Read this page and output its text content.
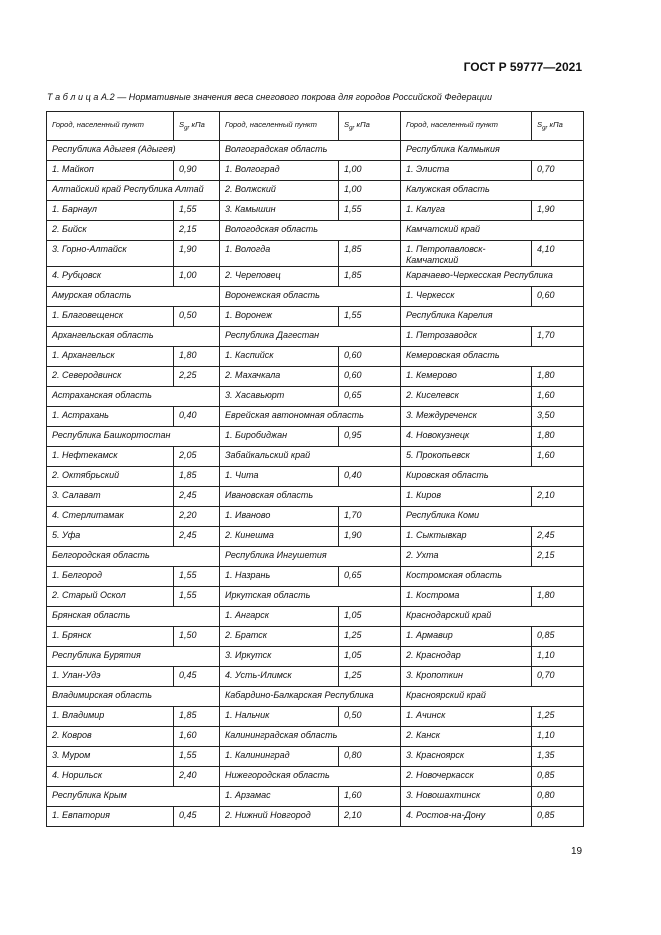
ГОСТ Р 59777—2021
Т а б л и ц а А.2 — Нормативные значения веса снегового покрова для городов Российской Федерации
Город, населенный пункт	$S_{gr}$ кПа	Город, населенный пункт	$S_{gr}$ кПа	Город, населенный пункт	$S_{gr}$ кПа
Республика Адыгея (Адыгея)		Волгоградская область		Республика Калмыкия	
1. Майкоп	0,90	1. Волгоград	1,00	1. Элиста	0,70
Алтайский край Республика Алтай		2. Волжский	1,00	Калужская область	
1. Барнаул	1,55	3. Камышин	1,55	1. Калуга	1,90
2. Бийск	2,15	Вологодская область		Камчатский край	
3. Горно-Алтайск	1,90	1. Вологда	1,85	1. Петропавловск-Камчатский	4,10
4. Рубцовск	1,00	2. Череповец	1,85	Карачаево-Черкесская Республика	
Амурская область		Воронежская область		1. Черкесск	0,60
1. Благовещенск	0,50	1. Воронеж	1,55	Республика Карелия	
Архангельская область		Республика Дагестан		1. Петрозаводск	1,70
1. Архангельск	1,80	1. Каспийск	0,60	Кемеровская область	
2. Северодвинск	2,25	2. Махачкала	0,60	1. Кемерово	1,80
Астраханская область		3. Хасавьюрт	0,65	2. Киселевск	1,60
1. Астрахань	0,40	Еврейская автономная область		3. Междуреченск	3,50
Республика Башкортостан		1. Биробиджан	0,95	4. Новокузнецк	1,80
1. Нефтекамск	2,05	Забайкальский край		5. Прокопьевск	1,60
2. Октябрьский	1,85	1. Чита	0,40	Кировская область	
3. Салават	2,45	Ивановская область		1. Киров	2,10
4. Стерлитамак	2,20	1. Иваново	1,70	Республика Коми	
5. Уфа	2,45	2. Кинешма	1,90	1. Сыктывкар	2,45
Белгородская область		Республика Ингушетия		2. Ухта	2,15
1. Белгород	1,55	1. Назрань	0,65	Костромская область	
2. Старый Оскол	1,55	Иркутская область		1. Кострома	1,80
Брянская область		1. Ангарск	1,05	Краснодарский край	
1. Брянск	1,50	2. Братск	1,25	1. Армавир	0,85
Республика Бурятия		3. Иркутск	1,05	2. Краснодар	1,10
1. Улан-Удэ	0,45	4. Усть-Илимск	1,25	3. Кропоткин	0,70
Владимирская область		Кабардино-Балкарская Республика		Красноярский край	
1. Владимир	1,85	1. Нальчик	0,50	1. Ачинск	1,25
2. Ковров	1,60	Калининградская область		2. Канск	1,10
3. Муром	1,55	1. Калининград	0,80	3. Красноярск	1,35
4. Норильск	2,40	Нижегородская область		2. Новочеркасск	0,85
Республика Крым		1. Арзамас	1,60	3. Новошахтинск	0,80
1. Евпатория	0,45	2. Нижний Новгород	2,10	4. Ростов-на-Дону	0,85
19
